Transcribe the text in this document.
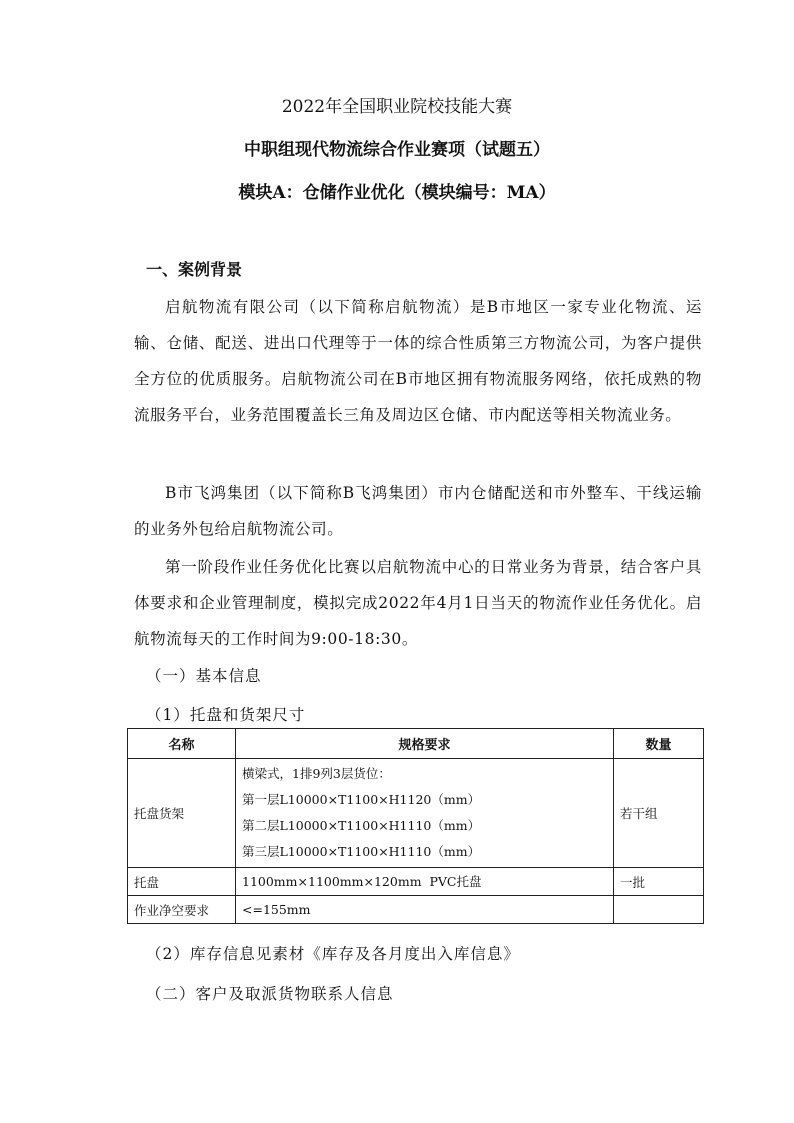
2022年全国职业院校技能大赛
中职组现代物流综合作业赛项（试题五）
模块A：仓储作业优化（模块编号：MA）
一、案例背景
启航物流有限公司（以下简称启航物流）是B市地区一家专业化物流、运输、仓储、配送、进出口代理等于一体的综合性质第三方物流公司，为客户提供全方位的优质服务。启航物流公司在B市地区拥有物流服务网络，依托成熟的物流服务平台，业务范围覆盖长三角及周边区仓储、市内配送等相关物流业务。
B市飞鸿集团（以下简称B飞鸿集团）市内仓储配送和市外整车、干线运输的业务外包给启航物流公司。
第一阶段作业任务优化比赛以启航物流中心的日常业务为背景，结合客户具体要求和企业管理制度，模拟完成2022年4月1日当天的物流作业任务优化。启航物流每天的工作时间为9:00-18:30。
（一）基本信息
（1）托盘和货架尺寸
名称	规格要求	数量
托盘货架	横梁式，1排9列3层货位：
第一层L10000×T1100×H1120（mm）
第二层L10000×T1100×H1110（mm）
第三层L10000×T1100×H1110（mm）	若干组
托盘	1100mm×1100mm×120mm  PVC托盘	一批
作业净空要求	<=155mm	

（2）库存信息见素材《库存及各月度出入库信息》
（二）客户及取派货物联系人信息
